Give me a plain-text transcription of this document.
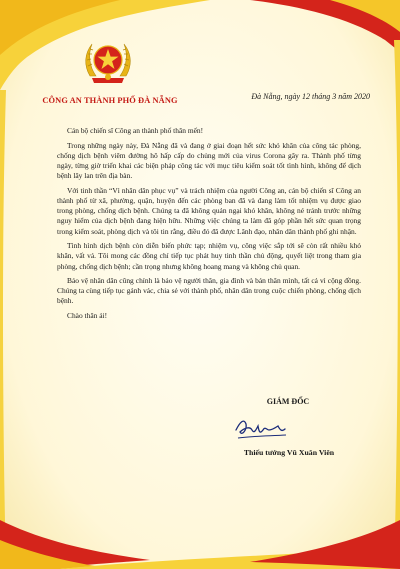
CÔNG AN THÀNH PHỐ ĐÀ NẴNG	Đà Nẵng, ngày 12 tháng 3 năm 2020

Cán bộ chiến sĩ Công an thành phố thân mến!

Trong những ngày này, Đà Nẵng đã và đang ở giai đoạn hết sức khó khăn của công tác phòng, chống dịch bệnh viêm đường hô hấp cấp do chủng mới của virus Corona gây ra. Thành phố từng ngày, từng giờ triển khai các biện pháp công tác với mục tiêu kiểm soát tốt tình hình, không để dịch bệnh lây lan trên địa bàn.

Với tinh thần “Vì nhân dân phục vụ” và trách nhiệm của người Công an, cán bộ chiến sĩ Công an thành phố từ xã, phường, quận, huyện đến các phòng ban đã và đang làm tốt nhiệm vụ được giao trong phòng, chống dịch bệnh. Chúng ta đã không quản ngại khó khăn, không né tránh trước những nguy hiểm của dịch bệnh đang hiện hữu. Những việc chúng ta làm đã góp phần hết sức quan trọng trong kiểm soát, phòng dịch và tôi tin rằng, điều đó đã được Lãnh đạo, nhân dân thành phố ghi nhận.

Tình hình dịch bệnh còn diễn biến phức tạp; nhiệm vụ, công việc sắp tới sẽ còn rất nhiều khó khăn, vất vả. Tôi mong các đồng chí tiếp tục phát huy tinh thần chủ động, quyết liệt trong tham gia phòng, chống dịch bệnh; cần trọng nhưng không hoang mang và không chủ quan.

Bảo vệ nhân dân cũng chính là bảo vệ người thân, gia đình và bản thân mình, tất cả vì cộng đồng. Chúng ta cùng tiếp tục gánh vác, chia sẻ với thành phố, nhân dân trong cuộc chiến phòng, chống dịch bệnh.

Chào thân ái!

GIÁM ĐỐC
Thiếu tướng Vũ Xuân Viên
